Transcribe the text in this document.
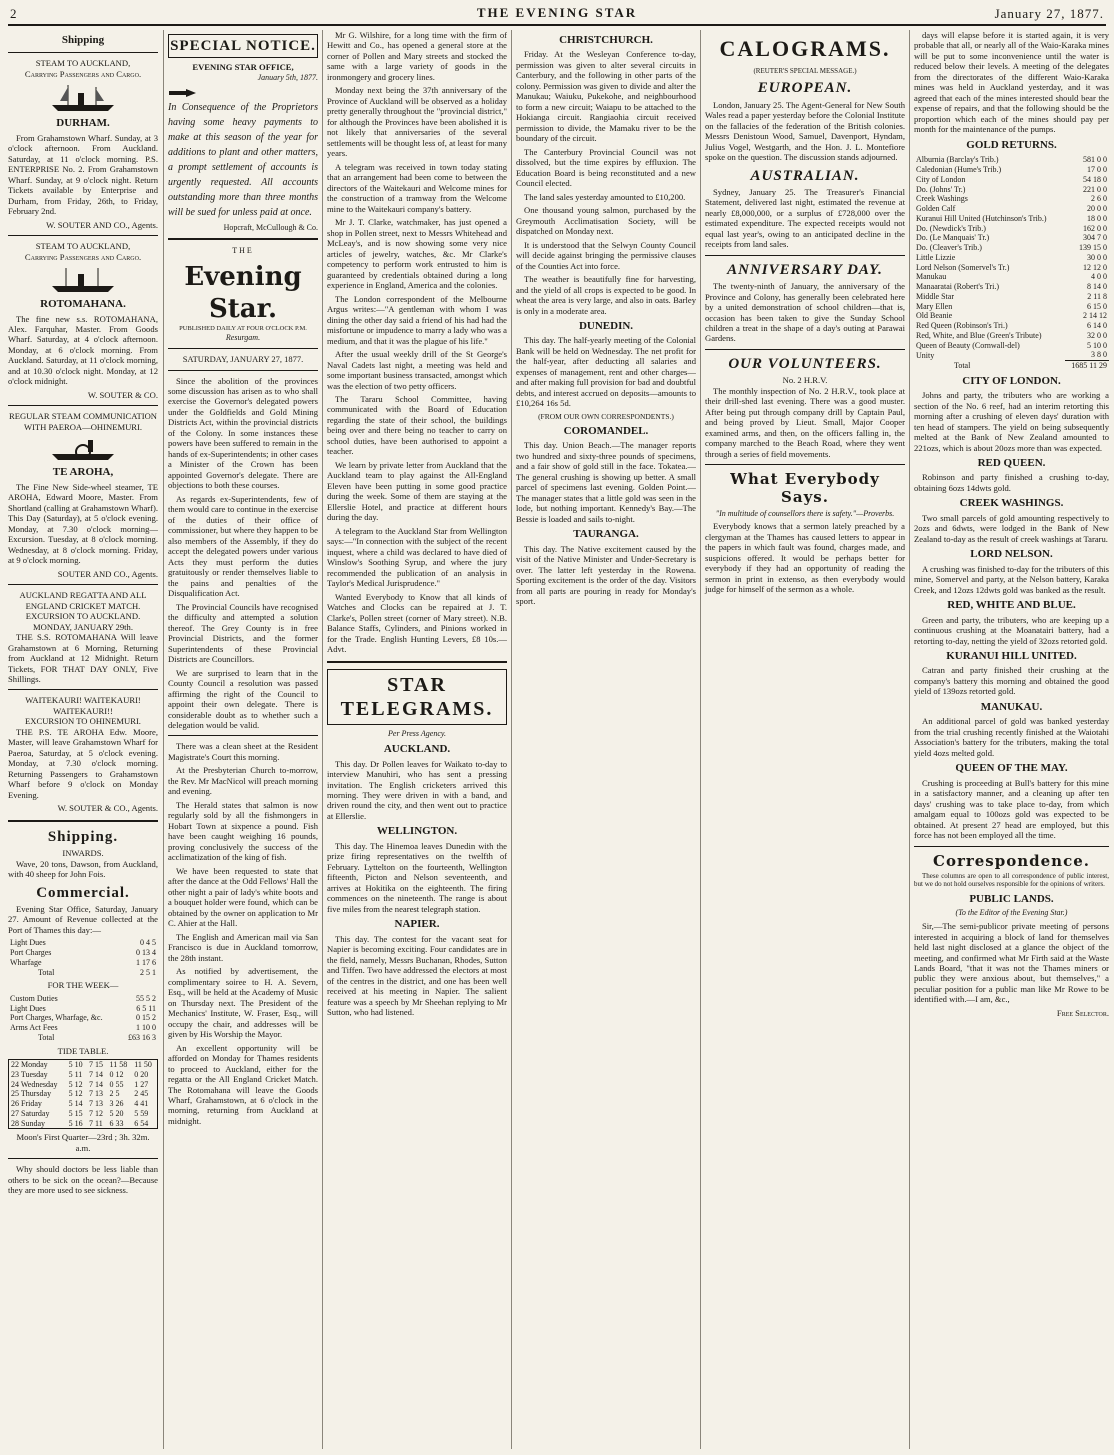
2	THE EVENING STAR	January 27, 1877.
Shipping
STEAM TO AUCKLAND,
Carrying Passengers and Cargo.
DURHAM.

From Grahamstown Wharf. Sunday, at 3 o'clock afternoon. From Auckland. Saturday, at 11 o'clock morning. P.S. ENTERPRISE No. 2. From Grahamstown Wharf. Sunday, at 9 o'clock night. Return Tickets available by Enterprise and Durham, from Friday, 26th, to Friday, February 2nd.

W. SOUTER AND CO., Agents.

STEAM TO AUCKLAND,
Carrying Passengers and Cargo.
ROTOMAHANA.

The fine new s.s. ROTOMAHANA, Alex. Farquhar, Master. From Goods Wharf. Saturday, at 4 o'clock afternoon. Monday, at 6 o'clock morning. From Auckland. Saturday, at 11 o'clock morning, and at 10.30 o'clock night. Monday, at 12 o'clock midnight.

W. SOUTER & CO.

REGULAR STEAM COMMUNICATION WITH PAEROA—OHINEMURI.
TE AROHA,

The Fine New Side-wheel steamer, TE AROHA, Edward Moore, Master. From Shortland (calling at Grahamstown Wharf). This Day (Saturday), at 5 o'clock evening. Monday, at 7.30 o'clock morning—Excursion. Tuesday, at 8 o'clock morning. Wednesday, at 8 o'clock morning. Friday, at 9 o'clock morning.

SOUTER AND CO., Agents.

AUCKLAND REGATTA AND ALL ENGLAND CRICKET MATCH.
EXCURSION TO AUCKLAND.
MONDAY, JANUARY 29th.

THE S.S. ROTOMAHANA Will leave Grahamstown at 6 Morning, Returning from Auckland at 12 Midnight. Return Tickets, FOR THAT DAY ONLY, Five Shillings.

WAITEKAURI! WAITEKAURI! WAITEKAURI!!
EXCURSION TO OHINEMURI.

THE P.S. TE AROHA Edw. Moore, Master, will leave Grahamstown Wharf for Paeroa, Saturday, at 5 o'clock evening. Monday, at 7.30 o'clock morning. Returning Passengers to Grahamstown Wharf before 9 o'clock on Monday Evening.

W. SOUTER & CO., Agents.

Shipping.
INWARDS.

Wave, 20 tons, Dawson, from Auckland, with 40 sheep for John Fois.

Commercial.

Evening Star Office, Saturday, January 27. Amount of Revenue collected at the Port of Thames this day:—

Light Dues	0 4 5
Port Charges	0 13 4
Wharfage	1 17 6
Total	2 5 1
FOR THE WEEK—
Custom Duties	55 5 2
Light Dues	6 5 11
Port Charges, Wharfage, &c.	0 15 2
Arms Act Fees	1 10 0
Total	£63 16 3
TIDE TABLE.
22 Monday	5 10	7 15	11 58	11 50
23 Tuesday	5 11	7 14	0 12	0 20
24 Wednesday	5 12	7 14	0 55	1 27
25 Thursday	5 12	7 13	2 5	2 45
26 Friday	5 14	7 13	3 26	4 41
27 Saturday	5 15	7 12	5 20	5 59
28 Sunday	5 16	7 11	6 33	6 54

Moon's First Quarter—23rd ; 3h. 32m. a.m.

Why should doctors be less liable than others to be sick on the ocean?—Because they are more used to see sickness.

SPECIAL NOTICE.
EVENING STAR OFFICE,
January 5th, 1877.

In Consequence of the Proprietors having some heavy payments to make at this season of the year for additions to plant and other matters, a prompt settlement of accounts is urgently requested. All accounts outstanding more than three months will be sued for unless paid at once.

Hopcraft, McCullough & Co.

THE
Evening Star.
PUBLISHED DAILY AT FOUR O'CLOCK P.M.
Resurgam.
SATURDAY, JANUARY 27, 1877.

Since the abolition of the provinces some discussion has arisen as to who shall exercise the Governor's delegated powers under the Goldfields and Gold Mining Districts Act, within the provincial districts of the Colony. In some instances these powers have been suffered to remain in the hands of ex-Superintendents; in other cases a Minister of the Crown has been appointed Governor's delegate. There are objections to both these courses.

As regards ex-Superintendents, few of them would care to continue in the exercise of the duties of their office of commissioner, but where they happen to be also members of the Assembly, if they do accept the delegated powers under various Acts they must perform the duties gratuitously or render themselves liable to the pains and penalties of the Disqualification Act.

The Provincial Councils have recognised the difficulty and attempted a solution thereof. The Grey County is in free Provincial Districts, and the former Superintendents of these Provincial Districts are Councillors.

We are surprised to learn that in the County Council a resolution was passed affirming the right of the Council to appoint their own delegate. There is considerable doubt as to whether such a delegation would be valid.

There was a clean sheet at the Resident Magistrate's Court this morning.

At the Presbyterian Church to-morrow, the Rev. Mr MacNicol will preach morning and evening.

The Herald states that salmon is now regularly sold by all the fishmongers in Hobart Town at sixpence a pound. Fish have been caught weighing 16 pounds, proving conclusively the success of the acclimatization of the king of fish.

We have been requested to state that after the dance at the Odd Fellows' Hall the other night a pair of lady's white boots and a bouquet holder were found, which can be obtained by the owner on application to Mr C. Ahier at the Hall.

The English and American mail via San Francisco is due in Auckland tomorrow, the 28th instant.

As notified by advertisement, the complimentary soiree to H. A. Severn, Esq., will be held at the Academy of Music on Thursday next. The President of the Mechanics' Institute, W. Fraser, Esq., will occupy the chair, and addresses will be given by His Worship the Mayor.

An excellent opportunity will be afforded on Monday for Thames residents to proceed to Auckland, either for the regatta or the All England Cricket Match. The Rotomahana will leave the Goods Wharf, Grahamstown, at 6 o'clock in the morning, returning from Auckland at midnight.

Mr G. Wilshire, for a long time with the firm of Hewitt and Co., has opened a general store at the corner of Pollen and Mary streets and stocked the same with a large variety of goods in the ironmongery and grocery lines.

Monday next being the 37th anniversary of the Province of Auckland will be observed as a holiday pretty generally throughout the "provincial district," for although the Provinces have been abolished it is not likely that anniversaries of the several settlements will be thought less of, at least for many years.

A telegram was received in town today stating that an arrangement had been come to between the directors of the Waitekauri and Welcome mines for the construction of a tramway from the Welcome mine to the Waitekauri company's battery.

Mr J. T. Clarke, watchmaker, has just opened a shop in Pollen street, next to Messrs Whitehead and McLeay's, and is now showing some very nice articles of jewelry, watches, &c. Mr Clarke's competency to perform work entrusted to him is guaranteed by credentials obtained during a long experience in England, America and the colonies.

The London correspondent of the Melbourne Argus writes:—"A gentleman with whom I was dining the other day said a friend of his had had the misfortune or impudence to marry a lady who was a medium, and that it was the plague of his life."

After the usual weekly drill of the St George's Naval Cadets last night, a meeting was held and some important business transacted, amongst which was the election of two petty officers.

The Tararu School Committee, having communicated with the Board of Education regarding the state of their school, the buildings being over and there being no teacher to carry on school duties, have been authorised to appoint a teacher.

We learn by private letter from Auckland that the Auckland team to play against the All-England Eleven have been putting in some good practice during the week. Some of them are staying at the Ellerslie Hotel, and practice at different hours during the day.

A telegram to the Auckland Star from Wellington says:—"In connection with the subject of the recent inquest, where a child was declared to have died of Winslow's Soothing Syrup, and where the jury recommended the publication of an analysis in Taylor's Medical Jurisprudence."

Wanted Everybody to Know that all kinds of Watches and Clocks can be repaired at J. T. Clarke's, Pollen street (corner of Mary street). N.B. Balance Staffs, Cylinders, and Pinions worked in for the Trade. English Hunting Levers, £8 10s.—Advt.

STAR TELEGRAMS.
Per Press Agency.
AUCKLAND.

This day. Dr Pollen leaves for Waikato to-day to interview Manuhiri, who has sent a pressing invitation. The English cricketers arrived this morning. They were driven in with a band, and driven round the city, and then went out to practice at Ellerslie.

WELLINGTON.

This day. The Hinemoa leaves Dunedin with the prize firing representatives on the twelfth of February. Lyttelton on the fourteenth, Wellington fifteenth, Picton and Nelson seventeenth, and arrives at Hokitika on the eighteenth. The firing commences on the nineteenth. The range is about five miles from the nearest telegraph station.

NAPIER.

This day. The contest for the vacant seat for Napier is becoming exciting. Four candidates are in the field, namely, Messrs Buchanan, Rhodes, Sutton and Tiffen. Two have addressed the electors at most of the centres in the district, and one has been well received at his meeting in Napier. The salient feature was a speech by Mr Sheehan replying to Mr Sutton, who had listened.

CHRISTCHURCH.

Friday. At the Wesleyan Conference to-day, permission was given to alter several circuits in Canterbury, and the following in other parts of the colony. Permission was given to divide and alter the Manukau; Waiuku, Pukekohe, and neighbourhood to form a new circuit; Waiapu to be attached to the Hokianga circuit. Rangiaohia circuit received permission to divide, the Mamaku river to be the boundary of the circuit.

The Canterbury Provincial Council was not dissolved, but the time expires by effluxion. The Education Board is being reconstituted and a new Council elected.

The land sales yesterday amounted to £10,200.

One thousand young salmon, purchased by the Greymouth Acclimatisation Society, will be dispatched on Monday next.

It is understood that the Selwyn County Council will decide against bringing the permissive clauses of the Counties Act into force.

The weather is beautifully fine for harvesting, and the yield of all crops is expected to be good. In wheat the area is very large, and also in oats. Barley is only in a moderate area.

DUNEDIN.

This day. The half-yearly meeting of the Colonial Bank will be held on Wednesday. The net profit for the half-year, after deducting all salaries and expenses of management, rent and other charges—and after making full provision for bad and doubtful debts, and interest accrued on deposits—amounts to £10,264 16s 5d.

(FROM OUR OWN CORRESPONDENTS.)
COROMANDEL.

This day. Union Beach.—The manager reports two hundred and sixty-three pounds of specimens, and a fair show of gold still in the face. Tokatea.—The general crushing is showing up better. A small parcel of specimens last evening. Golden Point.—The manager states that a little gold was seen in the lode, but nothing important. Kennedy's Bay.—The Bessie is loaded and sails to-night.

TAURANGA.

This day. The Native excitement caused by the visit of the Native Minister and Under-Secretary is over. The latter left yesterday in the Rowena. Sporting excitement is the order of the day. Visitors from all parts are pouring in ready for Monday's sport.

CALOGRAMS.
(REUTER'S SPECIAL MESSAGE.)
EUROPEAN.

London, January 25. The Agent-General for New South Wales read a paper yesterday before the Colonial Institute on the fallacies of the federation of the British colonies. Messrs Denistoun Wood, Samuel, Davenport, Hyndam, Julius Vogel, Westgarth, and the Hon. J. L. Montefiore spoke on the question. The discussion stands adjourned.

AUSTRALIAN.

Sydney, January 25. The Treasurer's Financial Statement, delivered last night, estimated the revenue at nearly £8,000,000, or a surplus of £728,000 over the estimated expenditure. The expected receipts would not equal last year's, owing to an anticipated decline in the receipts from land sales.

ANNIVERSARY DAY.

The twenty-ninth of January, the anniversary of the Province and Colony, has generally been celebrated here by a united demonstration of school children—that is, occasion has been taken to give the Sunday School children a treat in the shape of a day's outing at Parawai Gardens.

OUR VOLUNTEERS.
No. 2 H.R.V.

The monthly inspection of No. 2 H.R.V., took place at their drill-shed last evening. There was a good muster. After being put through company drill by Captain Paul, and being proved by Lieut. Small, Major Cooper examined arms, and then, on the officers falling in, the company marched to the Beach Road, where they went through a series of field movements.

What Everybody Says.
"In multitude of counsellors there is safety."—Proverbs.

Everybody knows that a sermon lately preached by a clergyman at the Thames has caused letters to appear in the papers in which fault was found, charges made, and suspicions offered. It would be perhaps better for everybody if they had an opportunity of reading the sermon in print in extenso, as then everybody would judge for himself of the sermon as a whole.

days will elapse before it is started again, it is very probable that all, or nearly all of the Waio-Karaka mines will be put to some inconvenience until the water is reduced below their levels. A meeting of the delegates from the directorates of the different Waio-Karaka mines was held in Auckland yesterday, and it was agreed that each of the mines interested should bear the expense of repairs, and that the following should be the proportion which each of the mines should pay per month for the maintenance of the pumps.

GOLD RETURNS.
Alburnia (Barclay's Trib.)	581 0 0
Caledonian (Hume's Trib.)	17 0 0
City of London	54 18 0
Do. (Johns' Tr.)	221 0 0
Creek Washings	2 6 0
Golden Calf	20 0 0
Kuranui Hill United (Hutchinson's Trib.)	18 0 0
Do. (Newdick's Trib.)	162 0 0
Do. (Le Manquais' Tr.)	304 7 0
Do. (Cleaver's Trib.)	139 15 0
Little Lizzie	30 0 0
Lord Nelson (Somervel's Tr.)	12 12 0
Manukau	4 0 0
Manaaratai (Robert's Tri.)	8 14 0
Middle Star	2 11 8
Mary Ellen	6 15 0
Old Beanie	2 14 12
Red Queen (Robinson's Tri.)	6 14 0
Red, White, and Blue (Green's Tribute)	32 0 0
Queen of Beauty (Cornwall-del)	5 10 0
Unity	3 8 0
Total	1685 11 29
CITY OF LONDON.

Johns and party, the tributers who are working a section of the No. 6 reef, had an interim retorting this morning after a crushing of eleven days' duration with ten head of stampers. The yield on being subsequently melted at the Bank of New Zealand amounted to 221ozs, which is about 20ozs more than was expected.

RED QUEEN.

Robinson and party finished a crushing to-day, obtaining 6ozs 14dwts gold.

CREEK WASHINGS.

Two small parcels of gold amounting respectively to 2ozs and 6dwts, were lodged in the Bank of New Zealand to-day as the result of creek washings at Tararu.

LORD NELSON.

A crushing was finished to-day for the tributers of this mine, Somervel and party, at the Nelson battery, Karaka Creek, and 12ozs 12dwts gold was banked as the result.

RED, WHITE AND BLUE.

Green and party, the tributers, who are keeping up a continuous crushing at the Moanatairi battery, had a retorting to-day, netting the yield of 32ozs retorted gold.

KURANUI HILL UNITED.

Catran and party finished their crushing at the company's battery this morning and obtained the good yield of 139ozs retorted gold.

MANUKAU.

An additional parcel of gold was banked yesterday from the trial crushing recently finished at the Waiotahi Association's battery for the tributers, making the total yield 4ozs melted gold.

QUEEN OF THE MAY.

Crushing is proceeding at Bull's battery for this mine in a satisfactory manner, and a cleaning up after ten days' crushing was to take place to-day, from which amalgam equal to 100ozs gold was expected to be obtained. At present 27 head are employed, but this force has not been employed all the time.

Correspondence.

These columns are open to all correspondence of public interest, but we do not hold ourselves responsible for the opinions of writers.

PUBLIC LANDS.
(To the Editor of the Evening Star.)

Sir,—The semi-publicor private meeting of persons interested in acquiring a block of land for themselves held last night disclosed at a glance the object of the meeting, and confirmed what Mr Firth said at the Waste Lands Board, "that it was not the Thames miners or public they were anxious about, but themselves," a peculiar position for a public man like Mr Rowe to be identified with.—I am, &c.,

Free Selector.
